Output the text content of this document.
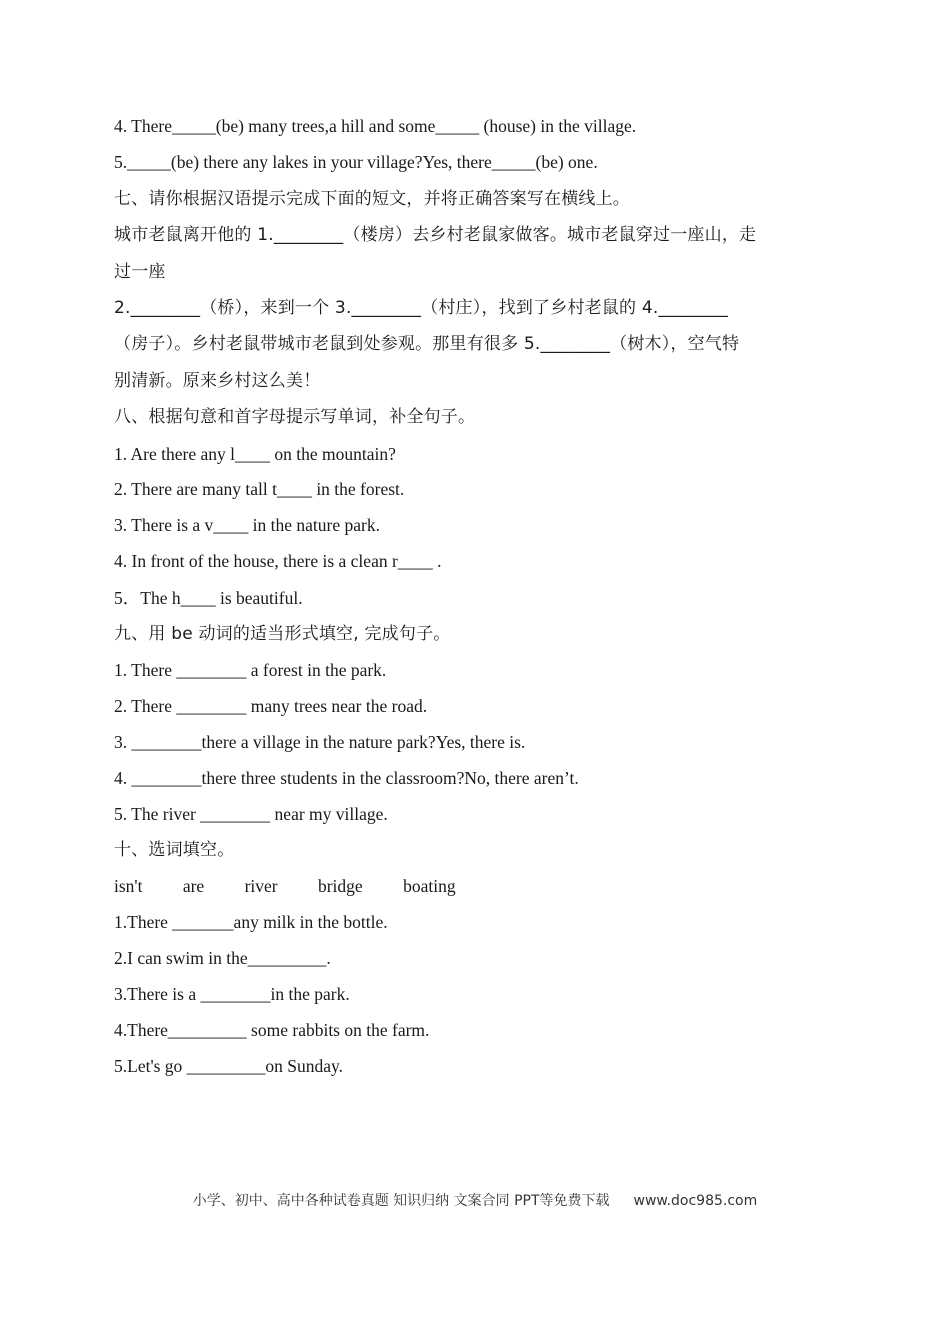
4. There_____(be) many trees,a hill and some_____ (house) in the village.
5._____(be) there any lakes in your village?Yes, there_____(be) one.
七、请你根据汉语提示完成下面的短文，并将正确答案写在横线上。
城市老鼠离开他的 1.________（楼房）去乡村老鼠家做客。城市老鼠穿过一座山，走
过一座
2.________（桥），来到一个 3.________（村庄），找到了乡村老鼠的 4.________
（房子）。乡村老鼠带城市老鼠到处参观。那里有很多 5.________（树木），空气特
别清新。原来乡村这么美！
八、根据句意和首字母提示写单词，补全句子。
1. Are there any l____ on the mountain?
2. There are many tall t____ in the forest.
3. There is a v____ in the nature park.
4. In front of the house, there is a clean r____ .
5．The h____ is beautiful.
九、用 be 动词的适当形式填空, 完成句子。
1. There ________ a forest in the park.
2. There ________ many trees near the road.
3. ________there a village in the nature park?Yes, there is.
4. ________there three students in the classroom?No, there aren’t.
5. The river ________ near my village.
十、选词填空。
isn't are river bridge boating
1.There _______any milk in the bottle.
2.I can swim in the_________.
3.There is a ________in the park.
4.There_________ some rabbits on the farm.
5.Let's go _________on Sunday.
小学、初中、高中各种试卷真题 知识归纳 文案合同 PPT等免费下载 www.doc985.com
